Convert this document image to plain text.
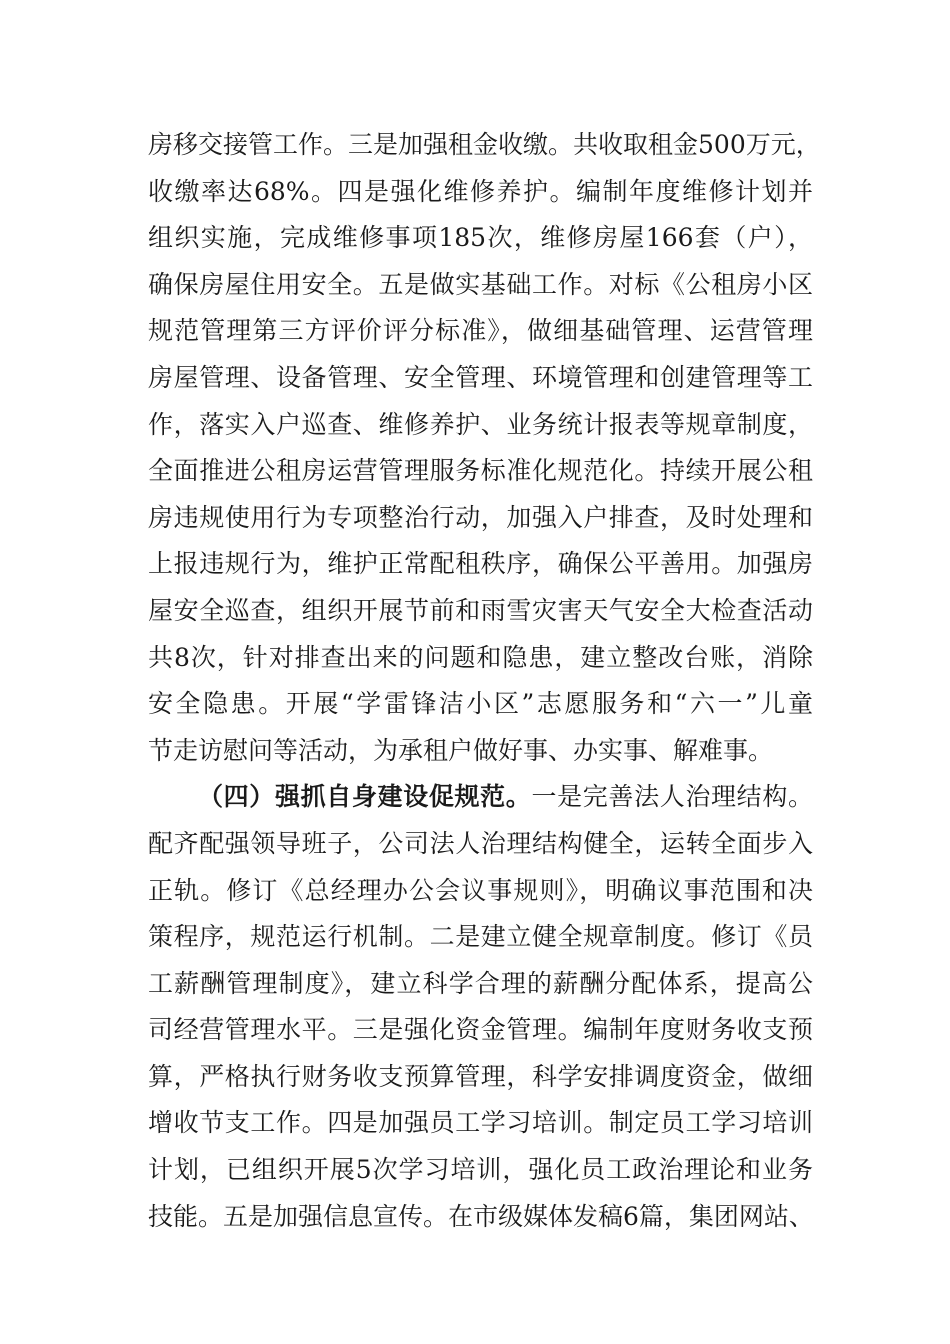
房移交接管工作。三是加强租金收缴。共收取租金500万元，
收缴率达68%。四是强化维修养护。编制年度维修计划并
组织实施，完成维修事项185次，维修房屋166套（户），
确保房屋住用安全。五是做实基础工作。对标《公租房小区
规范管理第三方评价评分标准》，做细基础管理、运营管理
房屋管理、设备管理、安全管理、环境管理和创建管理等工
作，落实入户巡查、维修养护、业务统计报表等规章制度，
全面推进公租房运营管理服务标准化规范化。持续开展公租
房违规使用行为专项整治行动，加强入户排查，及时处理和
上报违规行为，维护正常配租秩序，确保公平善用。加强房
屋安全巡查，组织开展节前和雨雪灾害天气安全大检查活动
共8次，针对排查出来的问题和隐患，建立整改台账，消除
安全隐患。开展“学雷锋洁小区”志愿服务和“六一”儿童
节走访慰问等活动，为承租户做好事、办实事、解难事。
（四）强抓自身建设促规范。一是完善法人治理结构。
配齐配强领导班子，公司法人治理结构健全，运转全面步入
正轨。修订《总经理办公会议事规则》，明确议事范围和决
策程序，规范运行机制。二是建立健全规章制度。修订《员
工薪酬管理制度》，建立科学合理的薪酬分配体系，提高公
司经营管理水平。三是强化资金管理。编制年度财务收支预
算，严格执行财务收支预算管理，科学安排调度资金，做细
增收节支工作。四是加强员工学习培训。制定员工学习培训
计划，已组织开展5次学习培训，强化员工政治理论和业务
技能。五是加强信息宣传。在市级媒体发稿6篇，集团网站、
